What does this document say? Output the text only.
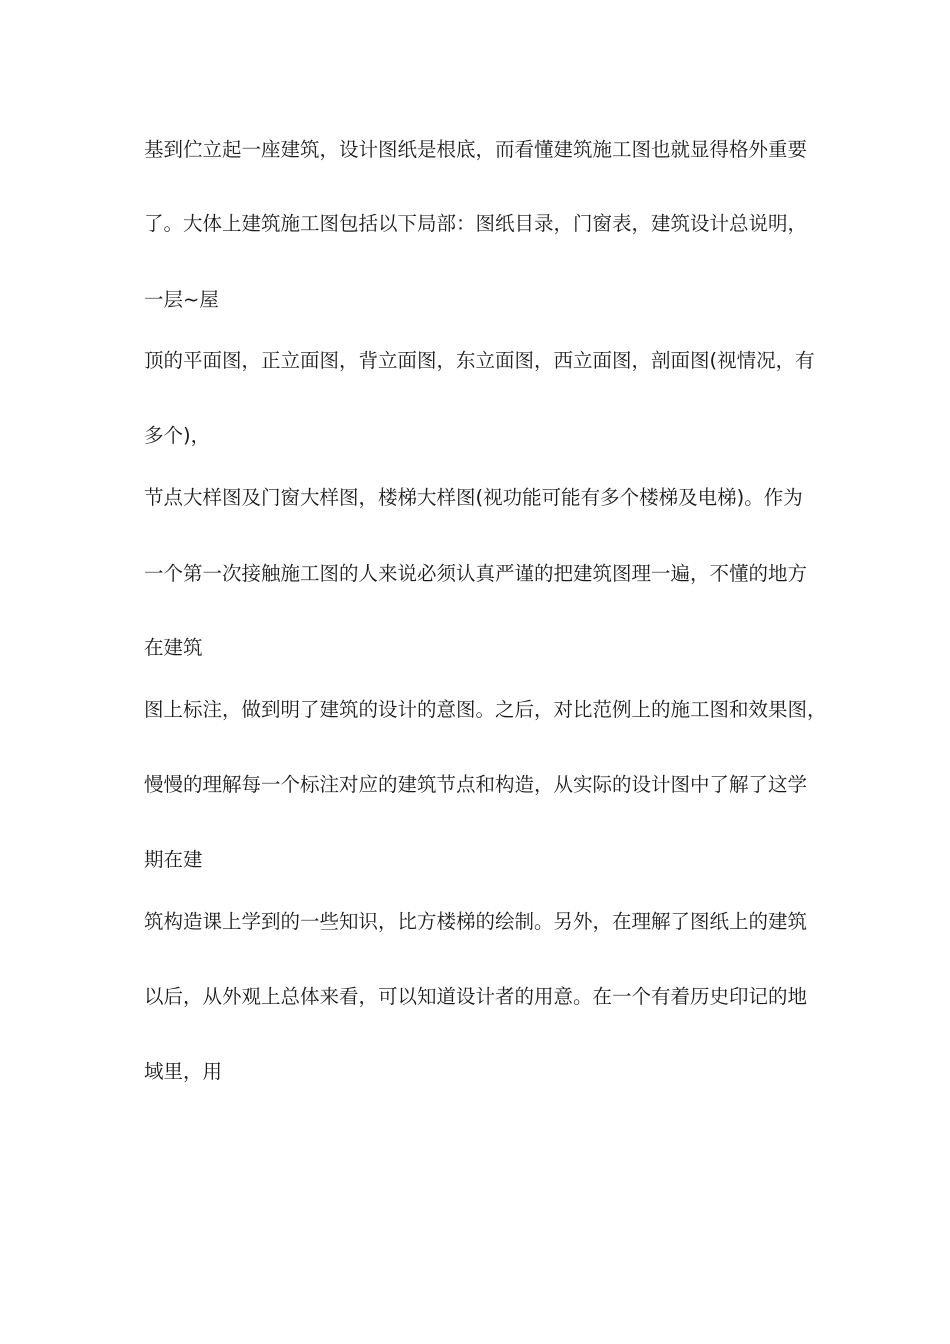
基到伫立起一座建筑，设计图纸是根底，而看懂建筑施工图也就显得格外重要
了。大体上建筑施工图包括以下局部：图纸目录，门窗表，建筑设计总说明，
一层~屋
顶的平面图，正立面图，背立面图，东立面图，西立面图，剖面图(视情况，有
多个)，
节点大样图及门窗大样图，楼梯大样图(视功能可能有多个楼梯及电梯)。作为
一个第一次接触施工图的人来说必须认真严谨的把建筑图理一遍，不懂的地方
在建筑
图上标注，做到明了建筑的设计的意图。之后，对比范例上的施工图和效果图，
慢慢的理解每一个标注对应的建筑节点和构造，从实际的设计图中了解了这学
期在建
筑构造课上学到的一些知识，比方楼梯的绘制。另外，在理解了图纸上的建筑
以后，从外观上总体来看，可以知道设计者的用意。在一个有着历史印记的地
域里，用
